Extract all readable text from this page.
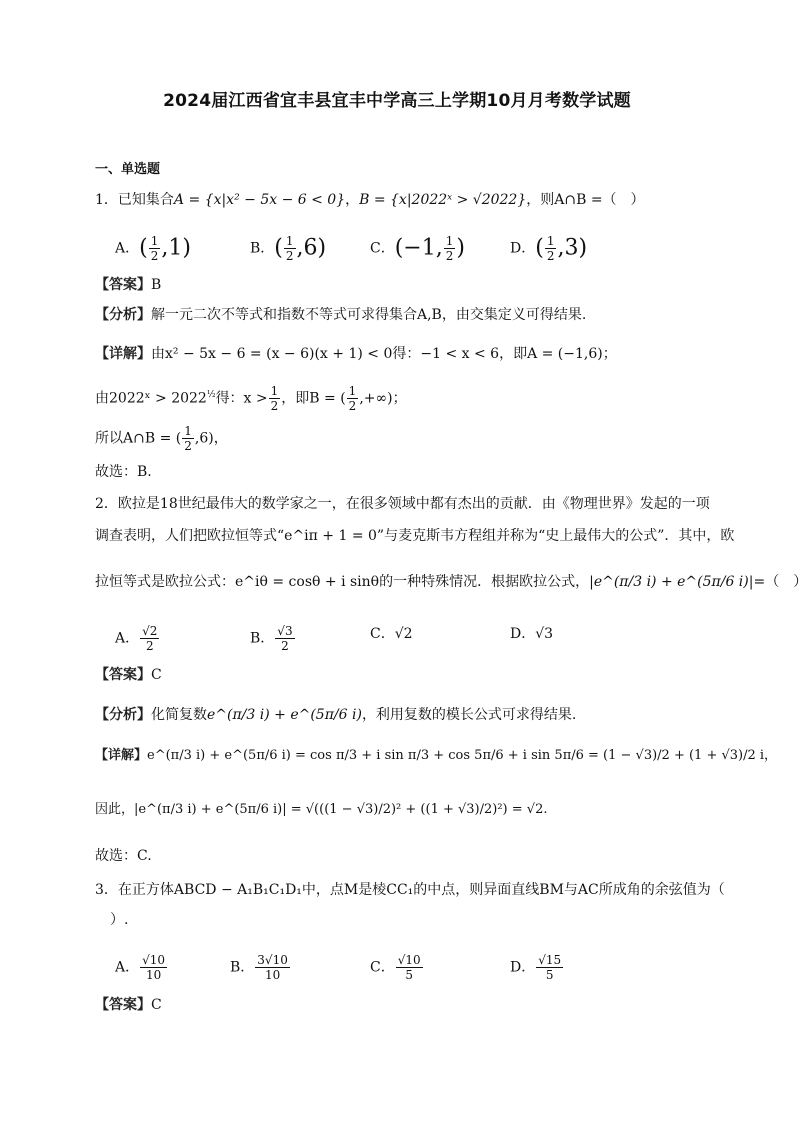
2024届江西省宜丰县宜丰中学高三上学期10月月考数学试题
一、单选题
1．已知集合A = {x|x² − 5x − 6 < 0}，B = {x|2022ˣ > √2022}，则A∩B =（　）
A．( $\frac{1}{2} ,1$)	B．( $\frac{1}{2} ,6$)	C．(−1, $\frac{1}{2}$ )	D．( $\frac{1}{2} ,3$)
【答案】B
【分析】解一元二次不等式和指数不等式可求得集合A,B，由交集定义可得结果.
【详解】由x² − 5x − 6 = (x − 6)(x + 1) < 0得：−1 < x < 6，即A = (−1,6)；
由2022ˣ > $2022^{\frac{1}{2}}$得：$x > \frac{1}{2}$ ，即B = ( $\frac{1}{2}$ ,+∞)；
所以A∩B = ( $\frac{1}{2} ,6$)，
故选：B.
2．欧拉是18世纪最伟大的数学家之一，在很多领域中都有杰出的贡献．由《物理世界》发起的一项
调查表明，人们把欧拉恒等式“e^iπ + 1 = 0”与麦克斯韦方程组并称为“史上最伟大的公式”．其中，欧
拉恒等式是欧拉公式：e^iθ = cosθ + i sinθ的一种特殊情况．根据欧拉公式，|e^(π/3 i) + e^(5π/6 i)|=（　）
A． $\frac{√2}{2}$	B． $\frac{√3}{2}$	C．√2	D．√3
【答案】C
【分析】化简复数e^(π/3 i) + e^(5π/6 i)，利用复数的模长公式可求得结果.
【详解】e^(π/3 i) + e^(5π/6 i) = cos π/3 + i sin π/3 + cos 5π/6 + i sin 5π/6 = (1 − √3)/2 + (1 + √3)/2 i，
因此，|e^(π/3 i) + e^(5π/6 i)| = √(((1 − √3)/2)² + ((1 + √3)/2)²) = √2.
故选：C.
3．在正方体ABCD − A₁B₁C₁D₁中，点M是棱CC₁的中点，则异面直线BM与AC所成角的余弦值为（
）.
A． $\frac{√10}{10}$	B． $\frac{3√10}{10}$	C． $\frac{√10}{5}$	D． $\frac{√15}{5}$
【答案】C
